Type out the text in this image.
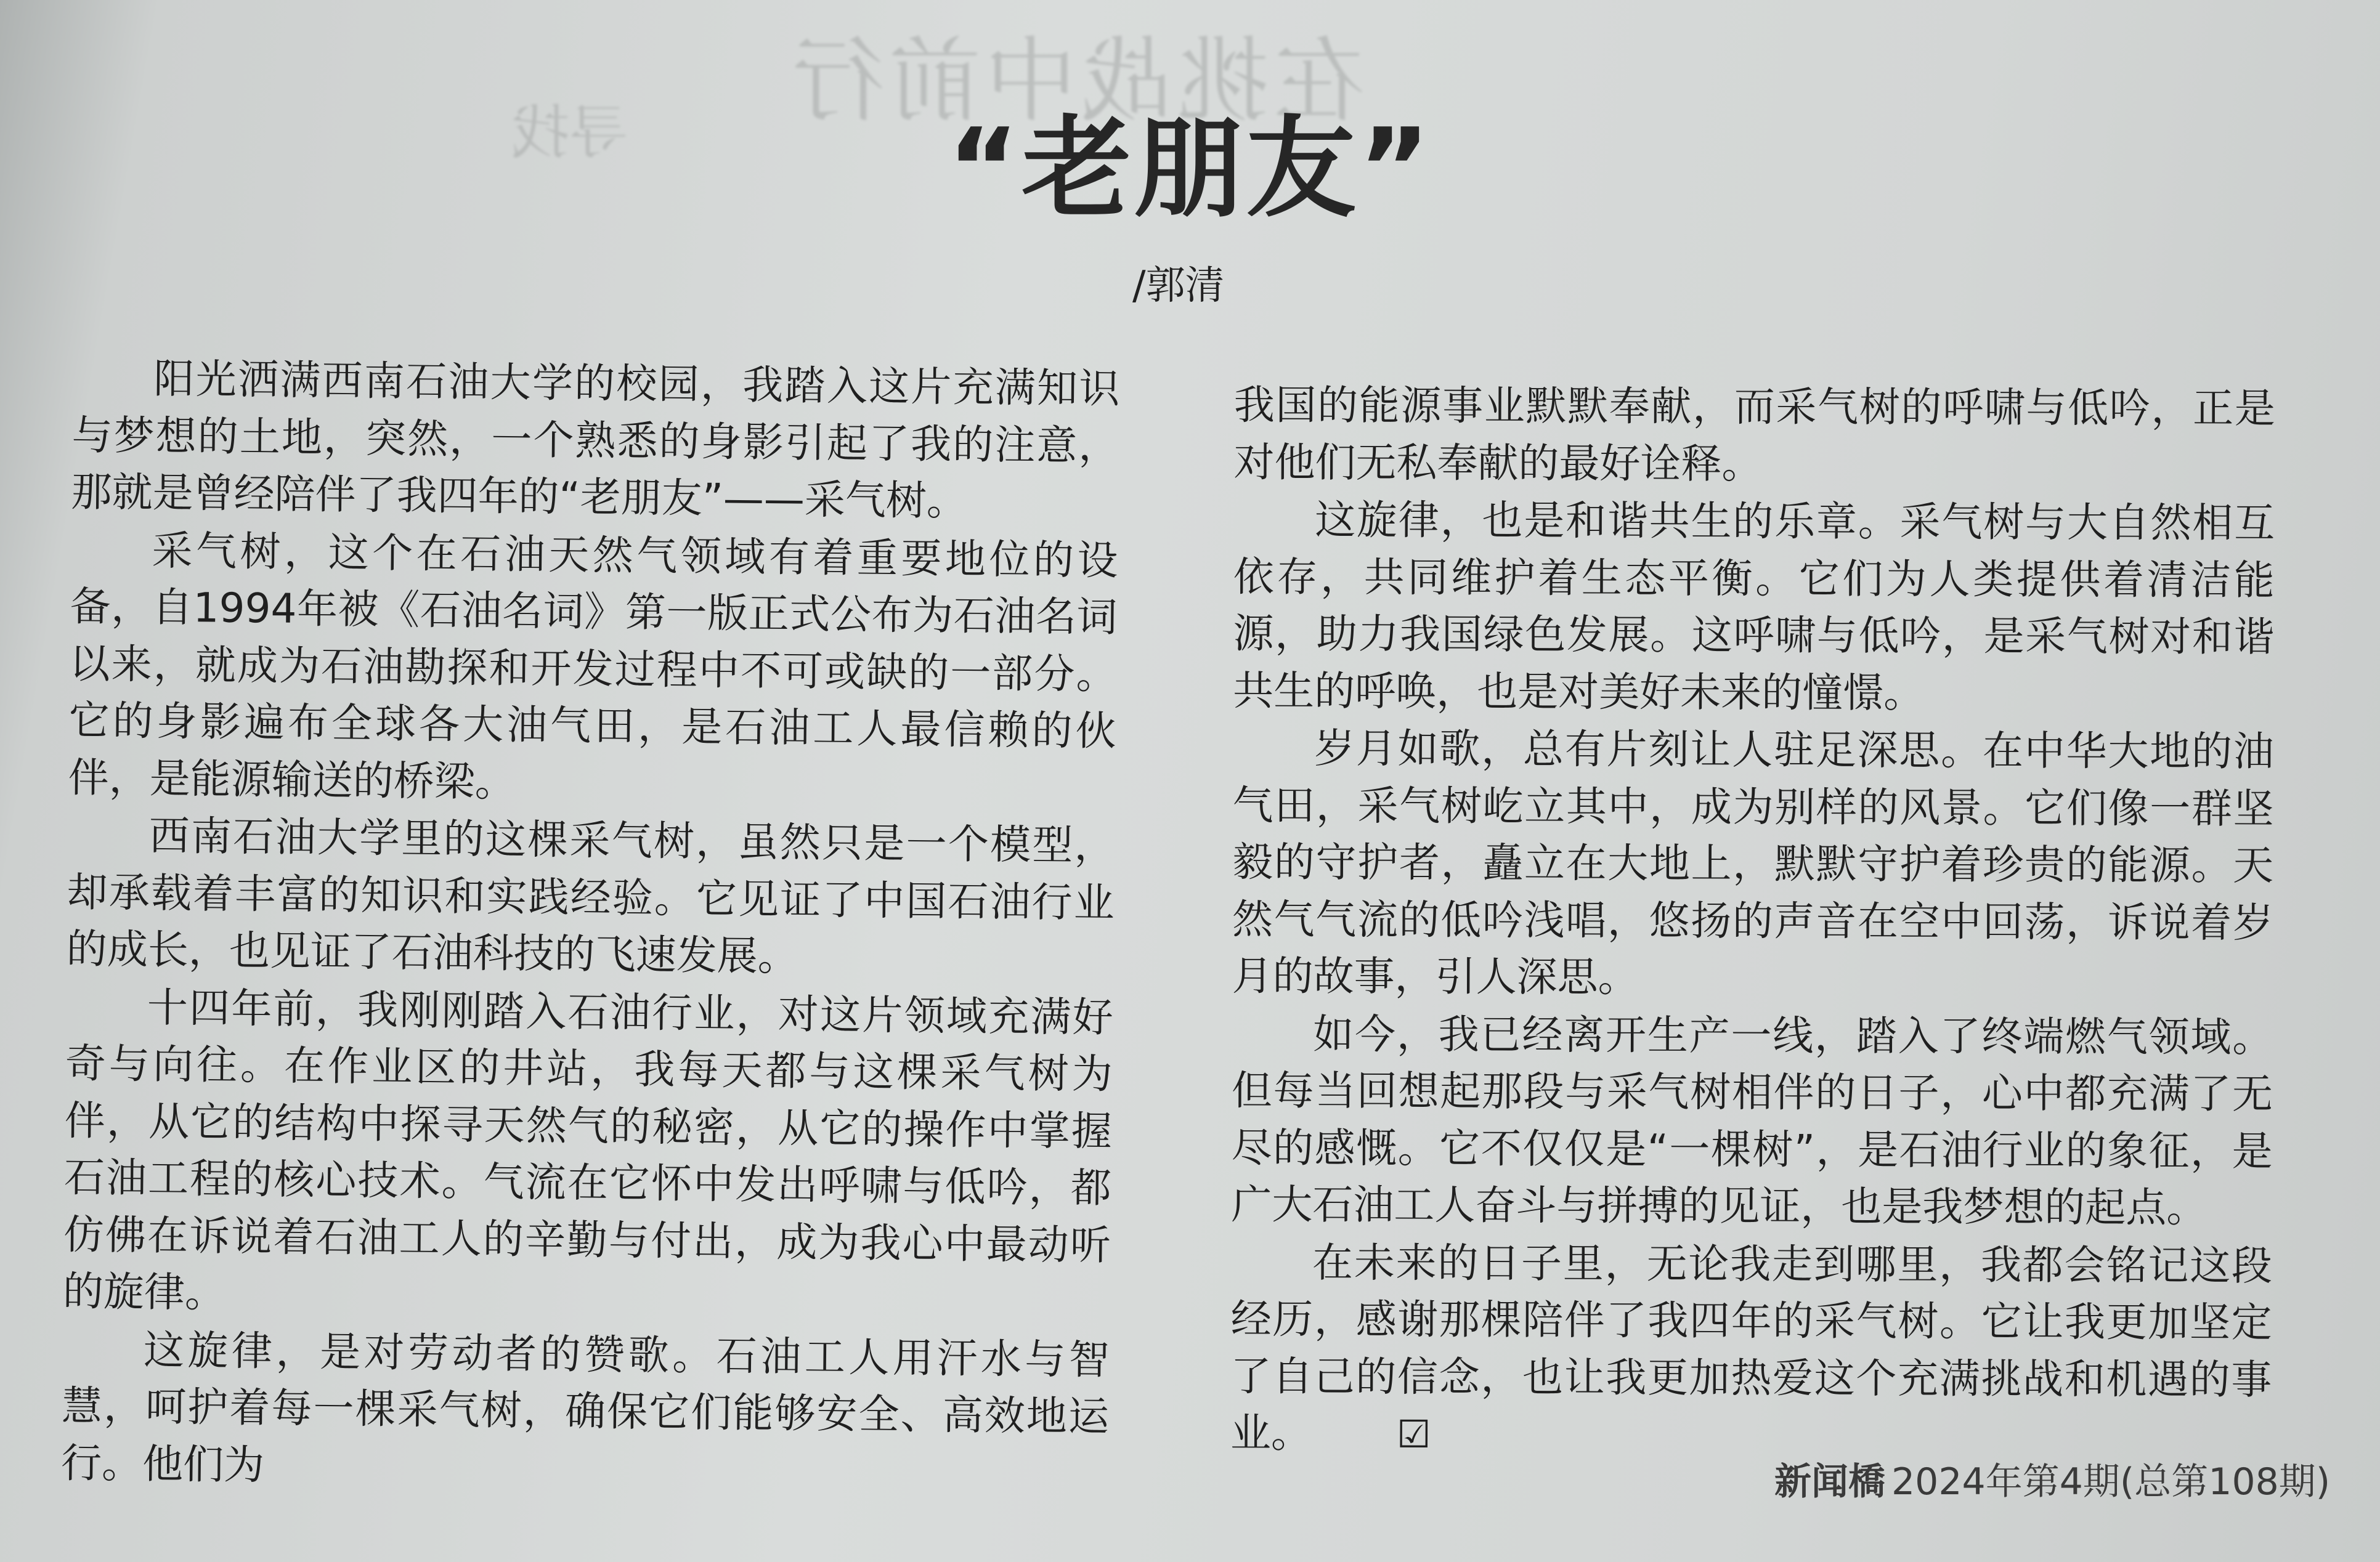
在挑战中前行
寻找	“老朋友”
/郭清

阳光洒满西南石油大学的校园，我踏入这片充满知识与梦想的土地，突然，一个熟悉的身影引起了我的注意，那就是曾经陪伴了我四年的“老朋友”——采气树。

采气树，这个在石油天然气领域有着重要地位的设备，自1994年被《石油名词》第一版正式公布为石油名词以来，就成为石油勘探和开发过程中不可或缺的一部分。它的身影遍布全球各大油气田，是石油工人最信赖的伙伴，是能源输送的桥梁。

西南石油大学里的这棵采气树，虽然只是一个模型，却承载着丰富的知识和实践经验。它见证了中国石油行业的成长，也见证了石油科技的飞速发展。

十四年前，我刚刚踏入石油行业，对这片领域充满好奇与向往。在作业区的井站，我每天都与这棵采气树为伴，从它的结构中探寻天然气的秘密，从它的操作中掌握石油工程的核心技术。气流在它怀中发出呼啸与低吟，都仿佛在诉说着石油工人的辛勤与付出，成为我心中最动听的旋律。

这旋律，是对劳动者的赞歌。石油工人用汗水与智慧，呵护着每一棵采气树，确保它们能够安全、高效地运行。他们为

我国的能源事业默默奉献，而采气树的呼啸与低吟，正是对他们无私奉献的最好诠释。

这旋律，也是和谐共生的乐章。采气树与大自然相互依存，共同维护着生态平衡。它们为人类提供着清洁能源，助力我国绿色发展。这呼啸与低吟，是采气树对和谐共生的呼唤，也是对美好未来的憧憬。

岁月如歌，总有片刻让人驻足深思。在中华大地的油气田，采气树屹立其中，成为别样的风景。它们像一群坚毅的守护者，矗立在大地上，默默守护着珍贵的能源。天然气气流的低吟浅唱，悠扬的声音在空中回荡，诉说着岁月的故事，引人深思。

如今，我已经离开生产一线，踏入了终端燃气领域。但每当回想起那段与采气树相伴的日子，心中都充满了无尽的感慨。它不仅仅是“一棵树”，是石油行业的象征，是广大石油工人奋斗与拼搏的见证，也是我梦想的起点。

在未来的日子里，无论我走到哪里，我都会铭记这段经历，感谢那棵陪伴了我四年的采气树。它让我更加坚定了自己的信念，也让我更加热爱这个充满挑战和机遇的事业。 ☑

新闻橋 2024年第4期(总第108期)
